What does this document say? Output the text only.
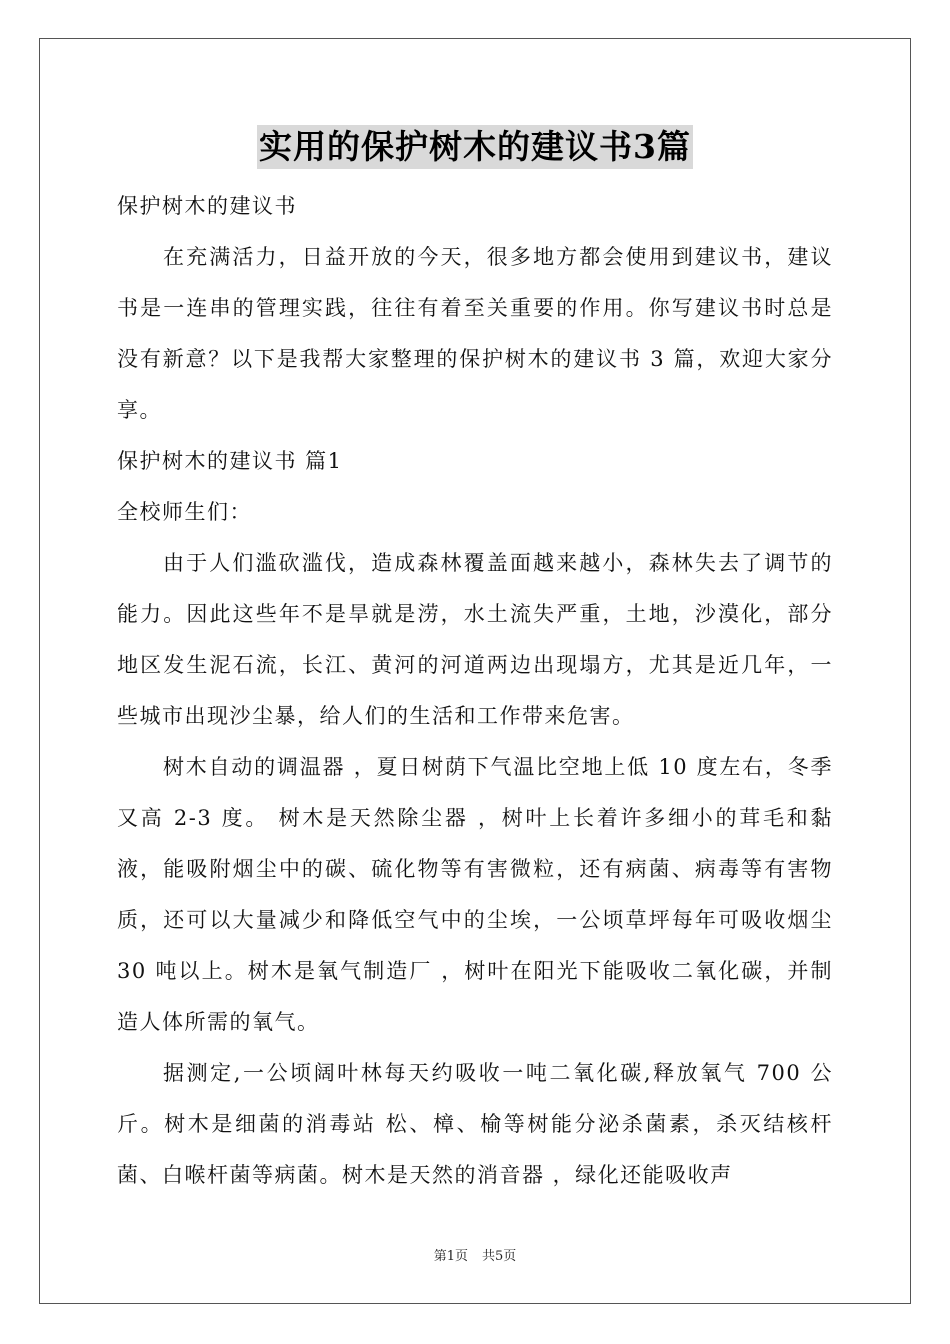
实用的保护树木的建议书3篇

保护树木的建议书

在充满活力，日益开放的今天，很多地方都会使用到建议书，建议书是一连串的管理实践，往往有着至关重要的作用。你写建议书时总是没有新意？以下是我帮大家整理的保护树木的建议书 3 篇，欢迎大家分享。

保护树木的建议书 篇1

全校师生们：

由于人们滥砍滥伐，造成森林覆盖面越来越小，森林失去了调节的能力。因此这些年不是旱就是涝，水土流失严重，土地，沙漠化，部分地区发生泥石流，长江、黄河的河道两边出现塌方，尤其是近几年，一些城市出现沙尘暴，给人们的生活和工作带来危害。

树木自动的调温器 ，夏日树荫下气温比空地上低 10 度左右，冬季又高 2-3 度。 树木是天然除尘器 ，树叶上长着许多细小的茸毛和黏液，能吸附烟尘中的碳、硫化物等有害微粒，还有病菌、病毒等有害物质，还可以大量减少和降低空气中的尘埃，一公顷草坪每年可吸收烟尘 30 吨以上。树木是氧气制造厂 ，树叶在阳光下能吸收二氧化碳，并制造人体所需的氧气。

据测定,一公顷阔叶林每天约吸收一吨二氧化碳,释放氧气 700 公斤。树木是细菌的消毒站 松、樟、榆等树能分泌杀菌素，杀灭结核杆菌、白喉杆菌等病菌。树木是天然的消音器 ，绿化还能吸收声

第1页 共5页
